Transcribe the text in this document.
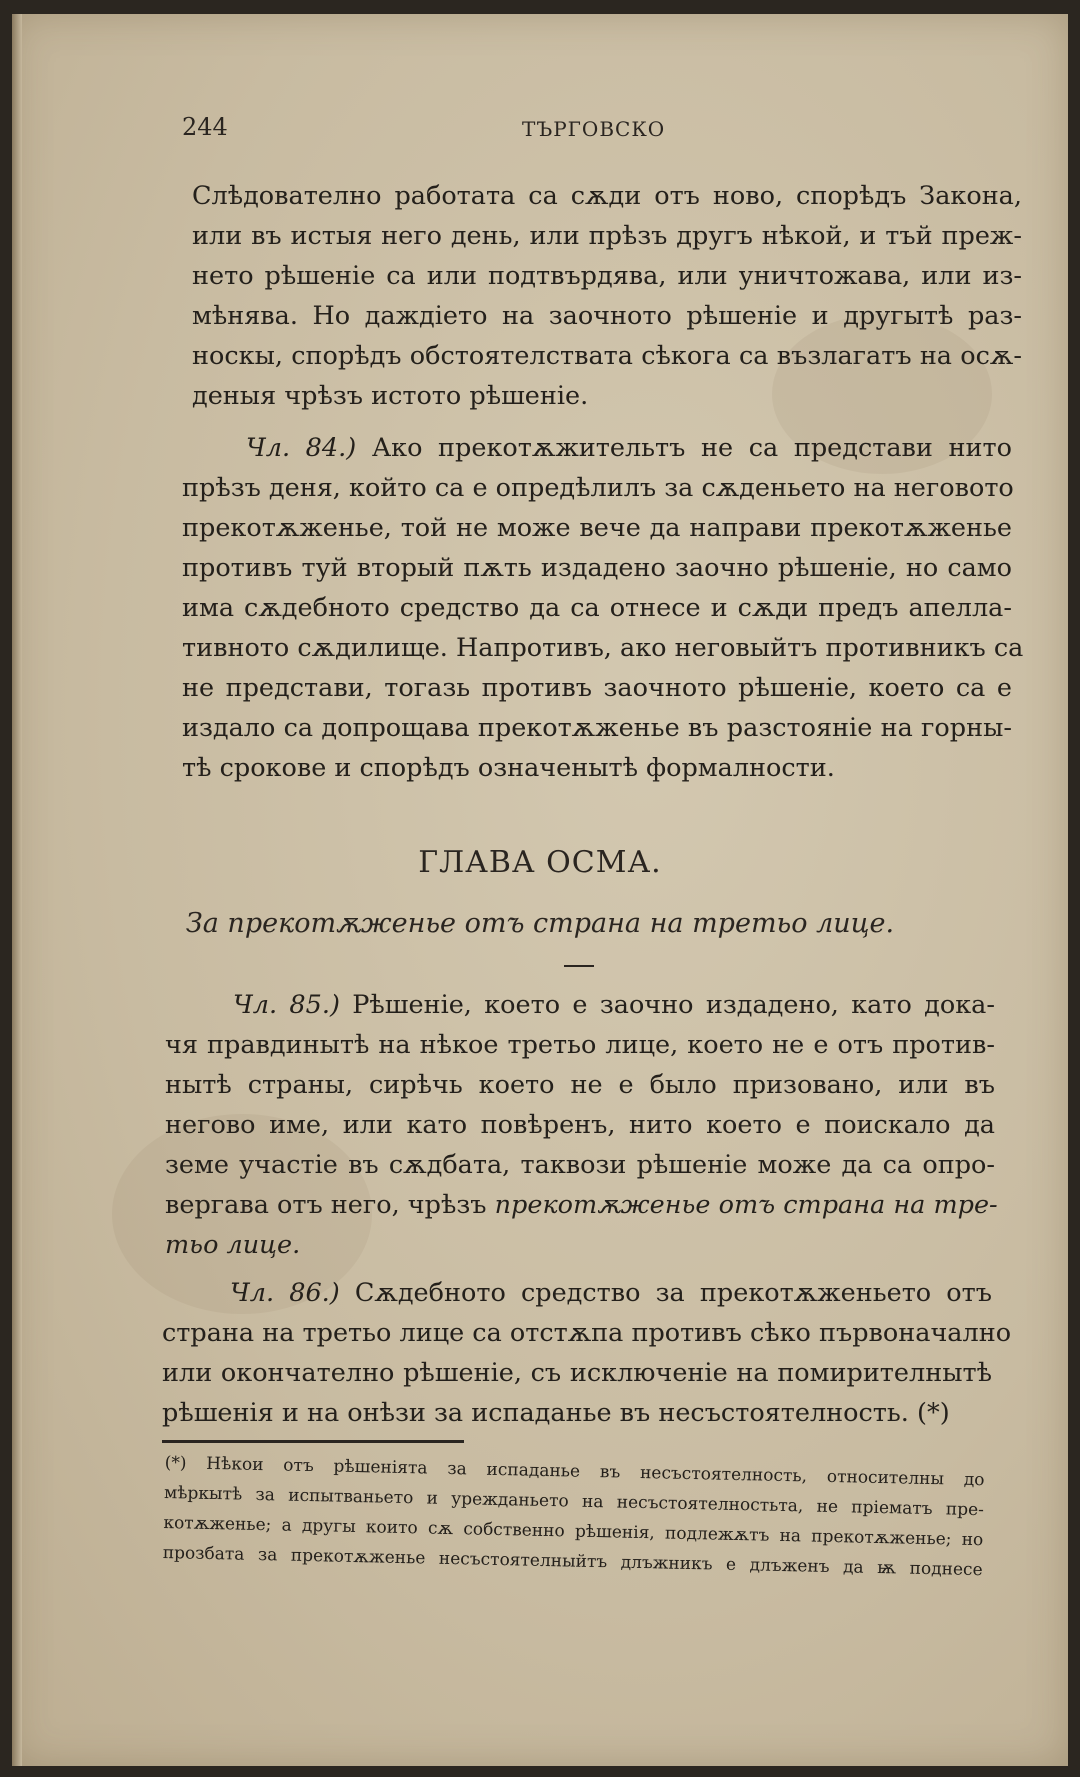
244	ТЪРГОВСКО
Слѣдователно работата са сѫди отъ ново, спорѣдъ Закона,
или въ истыя него день, или прѣзъ другъ нѣкой, и тъй преж-
нето рѣшеніе са или подтвърдява, или уничтожава, или из-
мѣнява. Но даждіето на заочното рѣшеніе и другытѣ раз-
носкы, спорѣдъ обстоятелствата сѣкога са възлагатъ на осѫ-
деныя чрѣзъ истото рѣшеніе.
Чл. 84.) Ако прекотѫжительтъ не са представи нито
прѣзъ деня, който са е опредѣлилъ за сѫденьето на неговото
прекотѫженье, той не може вече да направи прекотѫженье
противъ туй вторый пѫть издадено заочно рѣшеніе, но само
има сѫдебното средство да са отнесе и сѫди предъ апелла-
тивното сѫдилище. Напротивъ, ако неговыйтъ противникъ са
не представи, тогазь противъ заочното рѣшеніе, което са е
издало са допрощава прекотѫженье въ разстояніе на горны-
тѣ срокове и спорѣдъ означенытѣ формалности.
ГЛАВА ОСМА.
За прекотѫженье отъ страна на третьо лице.
Чл. 85.) Рѣшеніе, което е заочно издадено, като дока-
чя правдинытѣ на нѣкое третьо лице, което не е отъ против-
нытѣ страны, сирѣчь което не е было призовано, или въ
негово име, или като повѣренъ, нито което е поискало да
земе участіе въ сѫдбата, таквози рѣшеніе може да са опро-
вергава отъ него, чрѣзъ прекотѫженье отъ страна на тре-
тьо лице.
Чл. 86.) Сѫдебното средство за прекотѫженьето отъ
страна на третьо лице са отстѫпа противъ сѣко първоначално
или окончателно рѣшеніе, съ исключеніе на помирителнытѣ
рѣшенія и на онѣзи за испаданье въ несъстоятелность. (*)
(*) Нѣкои отъ рѣшеніята за испаданье въ несъстоятелность, относителны до
мѣркытѣ за испытваньето и урежданьето на несъстоятелностьта, не пріематъ пре-
котѫженье; а другы които сѫ собственно рѣшенія, подлежѫтъ на прекотѫженье; но
прозбата за прекотѫженье несъстоятелныйтъ длъжникъ е длъженъ да ѭ поднесе
